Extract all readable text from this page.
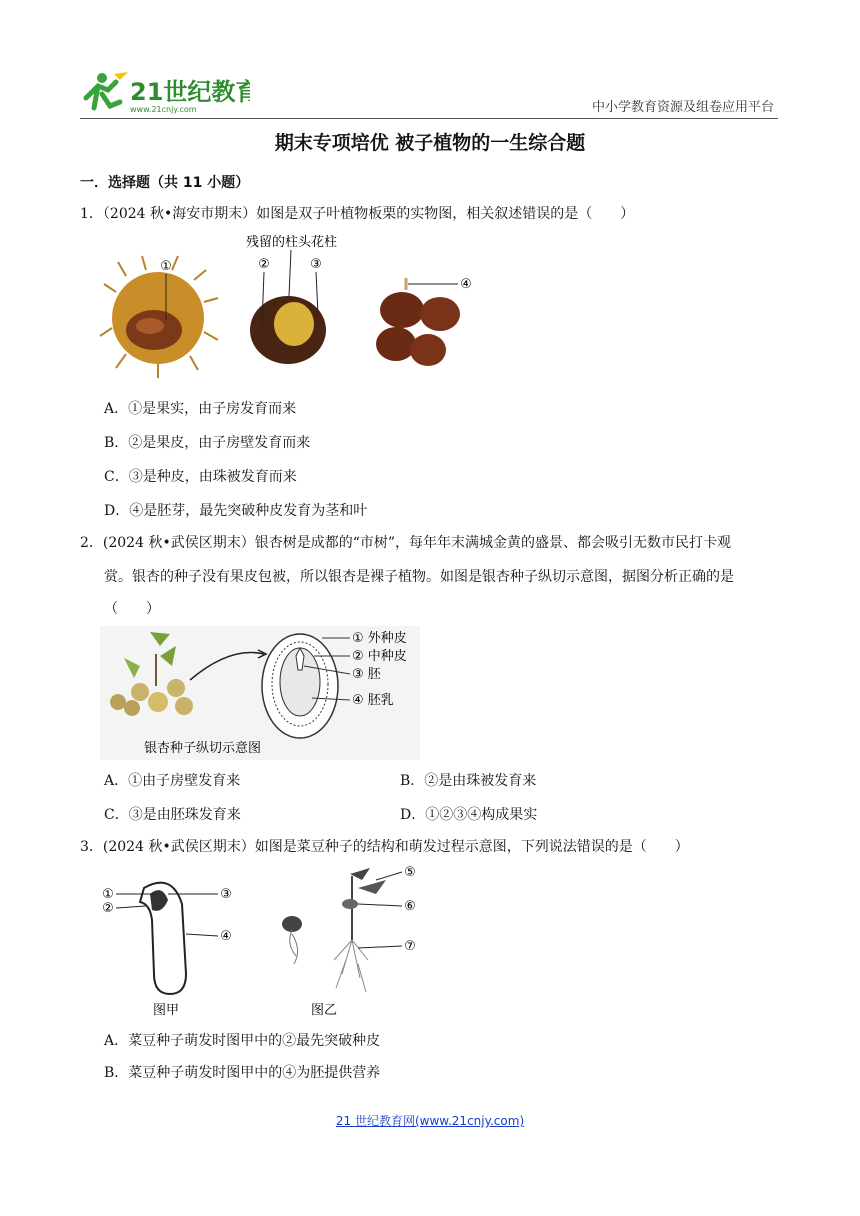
21世纪教育
www.21cnjy.com	中小学教育资源及组卷应用平台
期末专项培优 被子植物的一生综合题
一．选择题（共 11 小题）
1．（2024 秋•海安市期末）如图是双子叶植物板栗的实物图，相关叙述错误的是（　　）
①
残留的柱头花柱
②	③
④
A．①是果实，由子房发育而来
B．②是果皮，由子房壁发育而来
C．③是种皮，由珠被发育而来
D．④是胚芽，最先突破种皮发育为茎和叶
2．(2024 秋•武侯区期末）银杏树是成都的“市树”，每年年末满城金黄的盛景、都会吸引无数市民打卡观
赏。银杏的种子没有果皮包被，所以银杏是裸子植物。如图是银杏种子纵切示意图，据图分析正确的是
（　　）
① 外种皮
② 中种皮
③ 胚
④ 胚乳
银杏种子纵切示意图
A．①由子房壁发育来	B．②是由珠被发育来
C．③是由胚珠发育来	D．①②③④构成果实
3．(2024 秋•武侯区期末）如图是菜豆种子的结构和萌发过程示意图，下列说法错误的是（　　）
①
②
③
④
图甲
⑤
⑥
⑦
图乙
A．菜豆种子萌发时图甲中的②最先突破种皮
B．菜豆种子萌发时图甲中的④为胚提供营养
21 世纪教育网(www.21cnjy.com)
